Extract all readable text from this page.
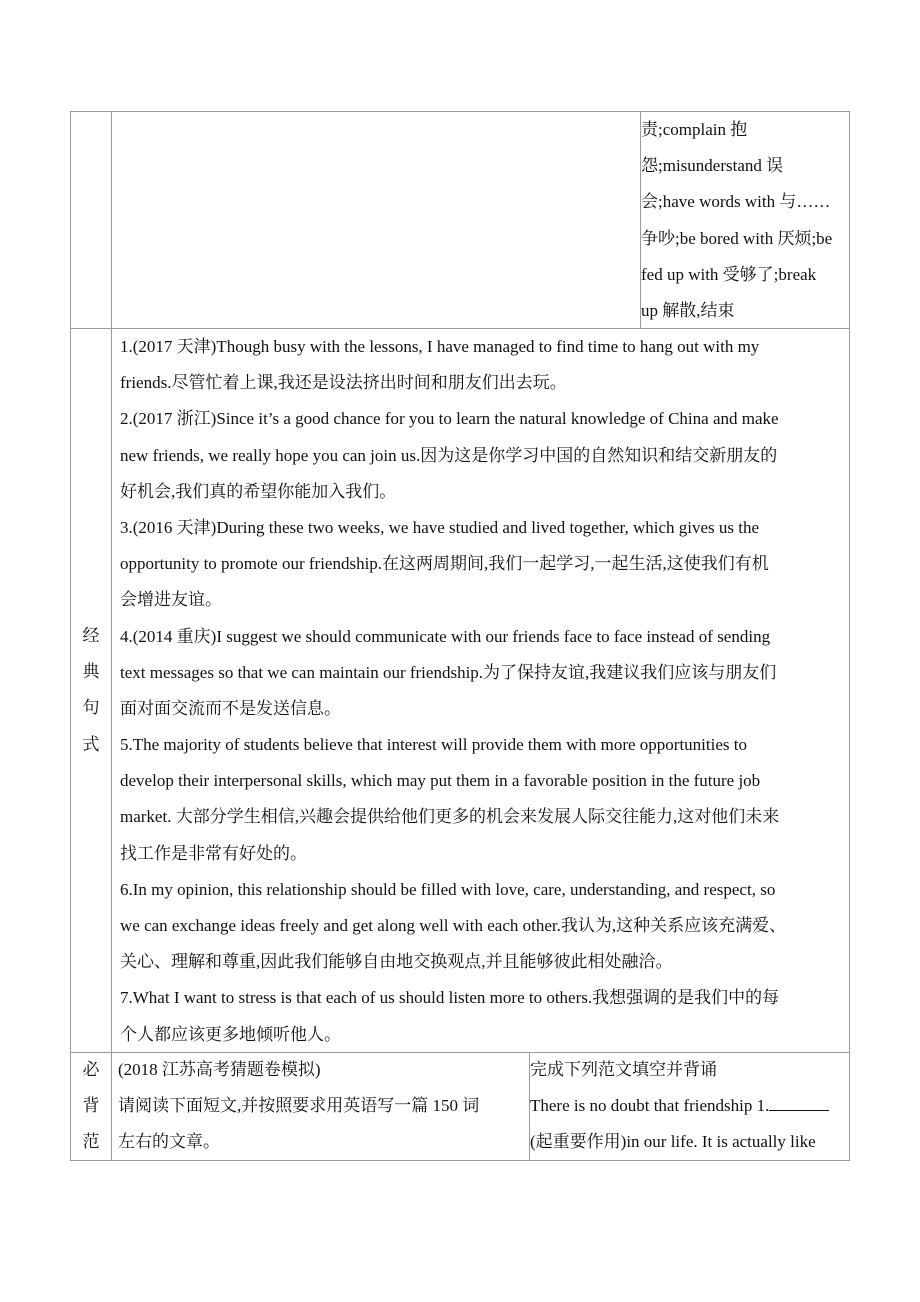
责;complain 抱
怨;misunderstand 误
会;have words with 与……
争吵;be bored with 厌烦;be
fed up with 受够了;break
up 解散,结束
经
典
句
式
1.(2017 天津)Though busy with the lessons, I have managed to find time to hang out with my
friends.尽管忙着上课,我还是设法挤出时间和朋友们出去玩。
2.(2017 浙江)Since it’s a good chance for you to learn the natural knowledge of China and make
new friends, we really hope you can join us.因为这是你学习中国的自然知识和结交新朋友的
好机会,我们真的希望你能加入我们。
3.(2016 天津)During these two weeks, we have studied and lived together, which gives us the
opportunity to promote our friendship.在这两周期间,我们一起学习,一起生活,这使我们有机
会增进友谊。
4.(2014 重庆)I suggest we should communicate with our friends face to face instead of sending
text messages so that we can maintain our friendship.为了保持友谊,我建议我们应该与朋友们
面对面交流而不是发送信息。
5.The majority of students believe that interest will provide them with more opportunities to
develop their interpersonal skills, which may put them in a favorable position in the future job
market. 大部分学生相信,兴趣会提供给他们更多的机会来发展人际交往能力,这对他们未来
找工作是非常有好处的。
6.In my opinion, this relationship should be filled with love, care, understanding, and respect, so
we can exchange ideas freely and get along well with each other.我认为,这种关系应该充满爱、
关心、理解和尊重,因此我们能够自由地交换观点,并且能够彼此相处融洽。
7.What I want to stress is that each of us should listen more to others.我想强调的是我们中的每
个人都应该更多地倾听他人。
必
背
范
(2018 江苏高考猜题卷模拟)
请阅读下面短文,并按照要求用英语写一篇 150 词
左右的文章。
完成下列范文填空并背诵
There is no doubt that friendship 1.
(起重要作用)in our life. It is actually like
